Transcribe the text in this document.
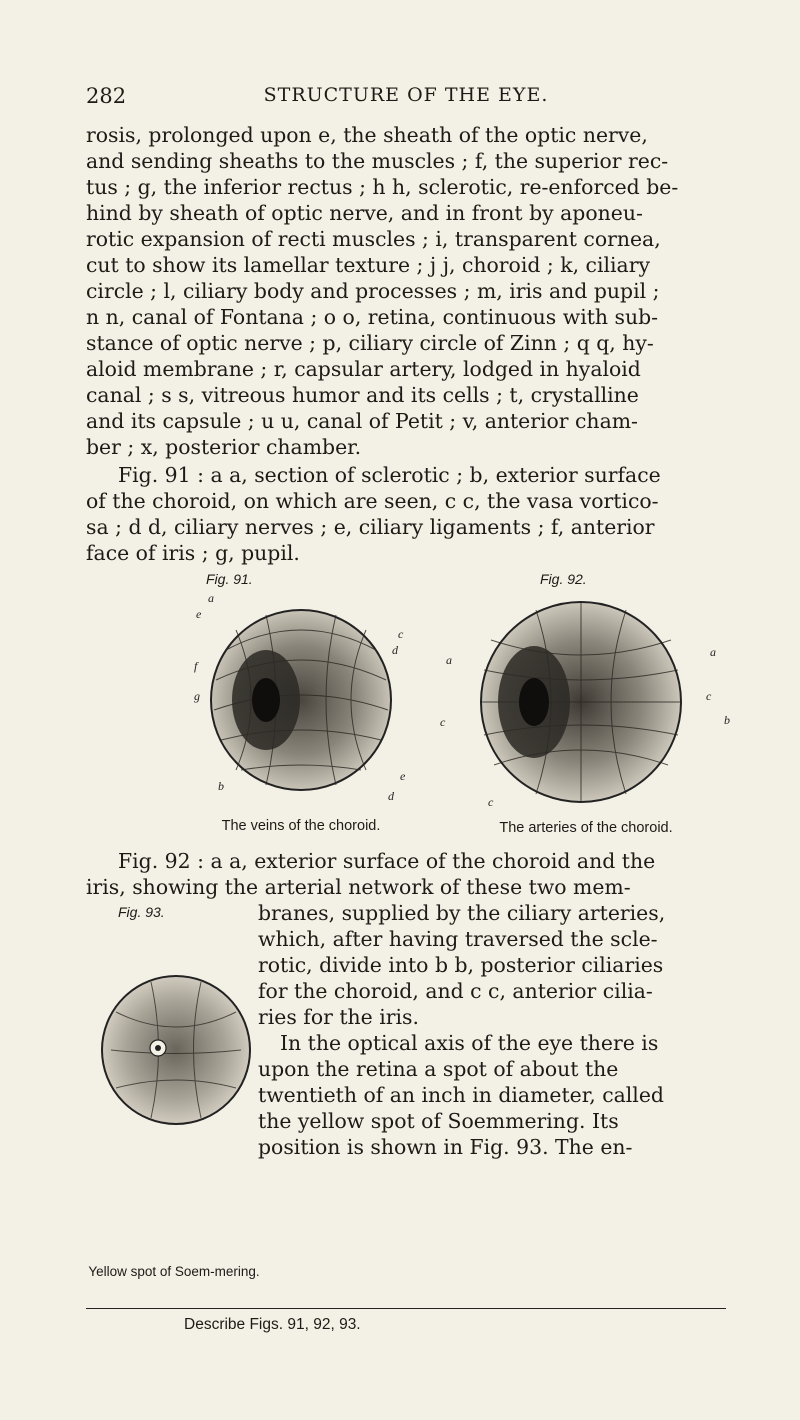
282	STRUCTURE OF THE EYE.
rosis, prolonged upon e, the sheath of the optic nerve,
and sending sheaths to the muscles ; f, the superior rec-
tus ; g, the inferior rectus ; h h, sclerotic, re-enforced be-
hind by sheath of optic nerve, and in front by aponeu-
rotic expansion of recti muscles ; i, transparent cornea,
cut to show its lamellar texture ; j j, choroid ; k, ciliary
circle ; l, ciliary body and processes ; m, iris and pupil ;
n n, canal of Fontana ; o o, retina, continuous with sub-
stance of optic nerve ; p, ciliary circle of Zinn ; q q, hy-
aloid membrane ; r, capsular artery, lodged in hyaloid
canal ; s s, vitreous humor and its cells ; t, crystalline
and its capsule ; u u, canal of Petit ; v, anterior cham-
ber ; x, posterior chamber.
Fig. 91 : a a, section of sclerotic ; b, exterior surface
of the choroid, on which are seen, c c, the vasa vortico-
sa ; d d, ciliary nerves ; e, ciliary ligaments ; f, anterior
face of iris ; g, pupil.
Fig. 91.
a
e
f
g
b
c
d
e
d
The veins of the choroid.
Fig. 92.
a
c
a
c
b
c
The arteries of the choroid.
Fig. 92 : a a, exterior surface of the choroid and the
iris, showing the arterial network of these two mem-
Fig. 93.	branes, supplied by the ciliary arteries,
which, after having traversed the scle-
rotic, divide into b b, posterior ciliaries
for the choroid, and c c, anterior cilia-
ries for the iris.
In the optical axis of the eye there is
upon the retina a spot of about the
twentieth of an inch in diameter, called
the yellow spot of Soemmering. Its
position is shown in Fig. 93. The en-
Yellow spot of Soem-mering.
Describe Figs. 91, 92, 93.
